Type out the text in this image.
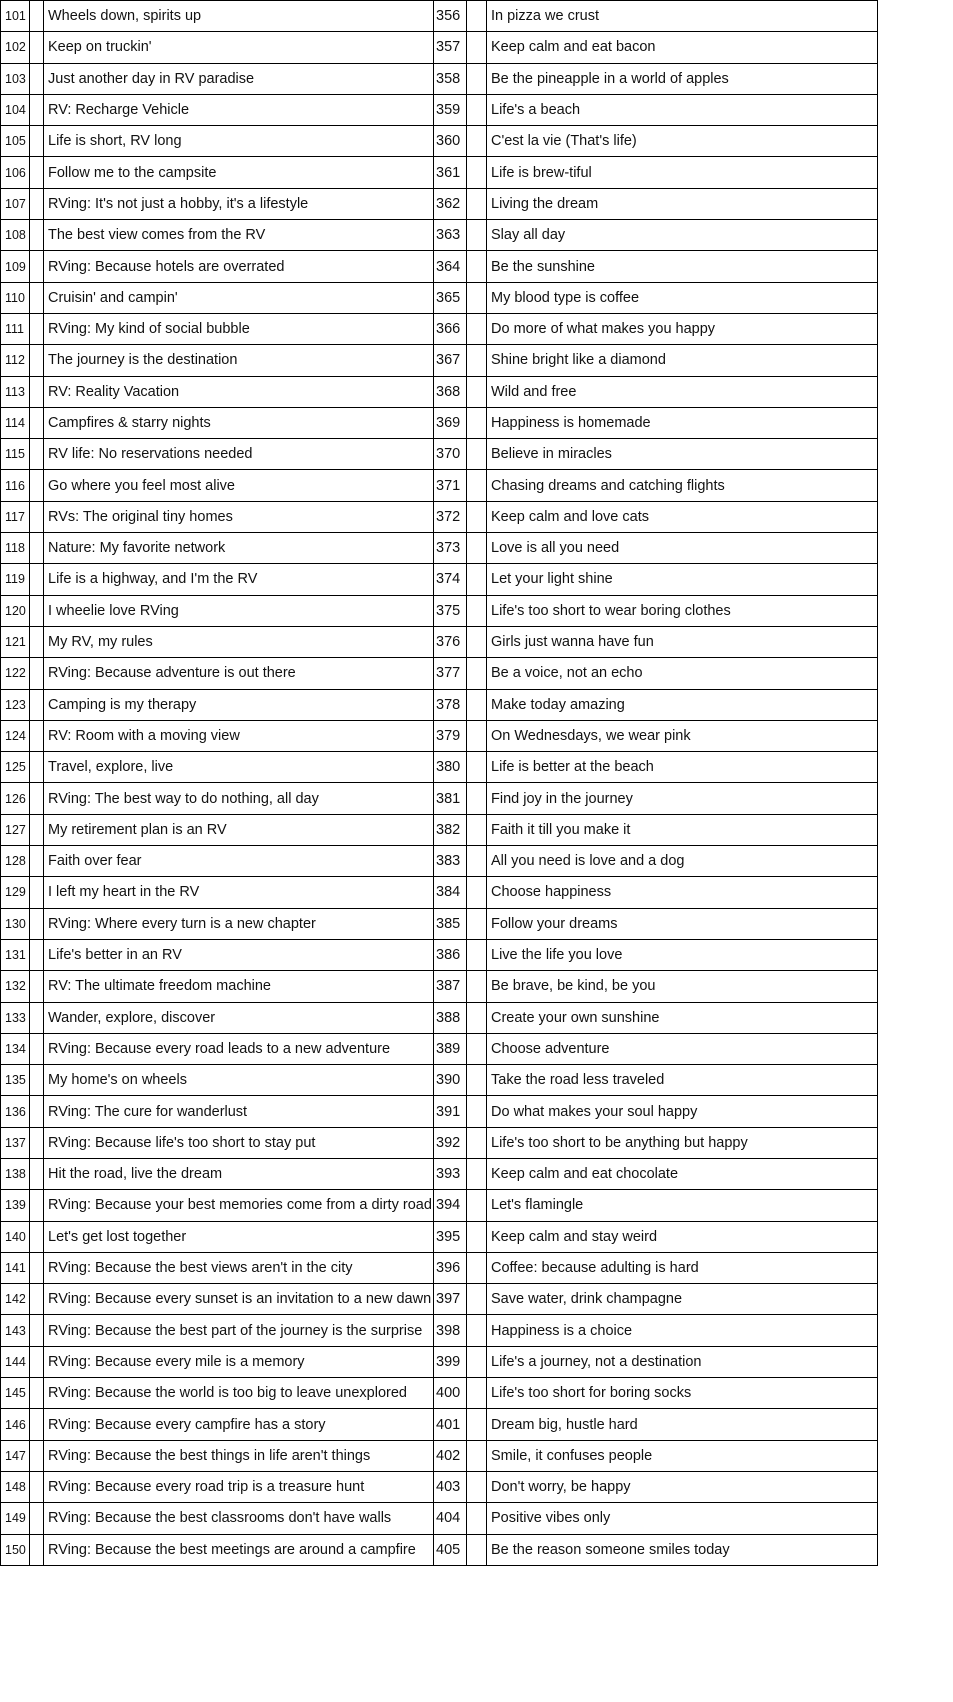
101		Wheels down, spirits up	356		In pizza we crust
102		Keep on truckin'	357		Keep calm and eat bacon
103		Just another day in RV paradise	358		Be the pineapple in a world of apples
104		RV: Recharge Vehicle	359		Life's a beach
105		Life is short, RV long	360		C'est la vie (That's life)
106		Follow me to the campsite	361		Life is brew-tiful
107		RVing: It's not just a hobby, it's a lifestyle	362		Living the dream
108		The best view comes from the RV	363		Slay all day
109		RVing: Because hotels are overrated	364		Be the sunshine
110		Cruisin' and campin'	365		My blood type is coffee
111		RVing: My kind of social bubble	366		Do more of what makes you happy
112		The journey is the destination	367		Shine bright like a diamond
113		RV: Reality Vacation	368		Wild and free
114		Campfires & starry nights	369		Happiness is homemade
115		RV life: No reservations needed	370		Believe in miracles
116		Go where you feel most alive	371		Chasing dreams and catching flights
117		RVs: The original tiny homes	372		Keep calm and love cats
118		Nature: My favorite network	373		Love is all you need
119		Life is a highway, and I'm the RV	374		Let your light shine
120		I wheelie love RVing	375		Life's too short to wear boring clothes
121		My RV, my rules	376		Girls just wanna have fun
122		RVing: Because adventure is out there	377		Be a voice, not an echo
123		Camping is my therapy	378		Make today amazing
124		RV: Room with a moving view	379		On Wednesdays, we wear pink
125		Travel, explore, live	380		Life is better at the beach
126		RVing: The best way to do nothing, all day	381		Find joy in the journey
127		My retirement plan is an RV	382		Faith it till you make it
128		Faith over fear	383		All you need is love and a dog
129		I left my heart in the RV	384		Choose happiness
130		RVing: Where every turn is a new chapter	385		Follow your dreams
131		Life's better in an RV	386		Live the life you love
132		RV: The ultimate freedom machine	387		Be brave, be kind, be you
133		Wander, explore, discover	388		Create your own sunshine
134		RVing: Because every road leads to a new adventure	389		Choose adventure
135		My home's on wheels	390		Take the road less traveled
136		RVing: The cure for wanderlust	391		Do what makes your soul happy
137		RVing: Because life's too short to stay put	392		Life's too short to be anything but happy
138		Hit the road, live the dream	393		Keep calm and eat chocolate
139		RVing: Because your best memories come from a dirty road	394		Let's flamingle
140		Let's get lost together	395		Keep calm and stay weird
141		RVing: Because the best views aren't in the city	396		Coffee: because adulting is hard
142		RVing: Because every sunset is an invitation to a new dawn	397		Save water, drink champagne
143		RVing: Because the best part of the journey is the surprise	398		Happiness is a choice
144		RVing: Because every mile is a memory	399		Life's a journey, not a destination
145		RVing: Because the world is too big to leave unexplored	400		Life's too short for boring socks
146		RVing: Because every campfire has a story	401		Dream big, hustle hard
147		RVing: Because the best things in life aren't things	402		Smile, it confuses people
148		RVing: Because every road trip is a treasure hunt	403		Don't worry, be happy
149		RVing: Because the best classrooms don't have walls	404		Positive vibes only
150		RVing: Because the best meetings are around a campfire	405		Be the reason someone smiles today
